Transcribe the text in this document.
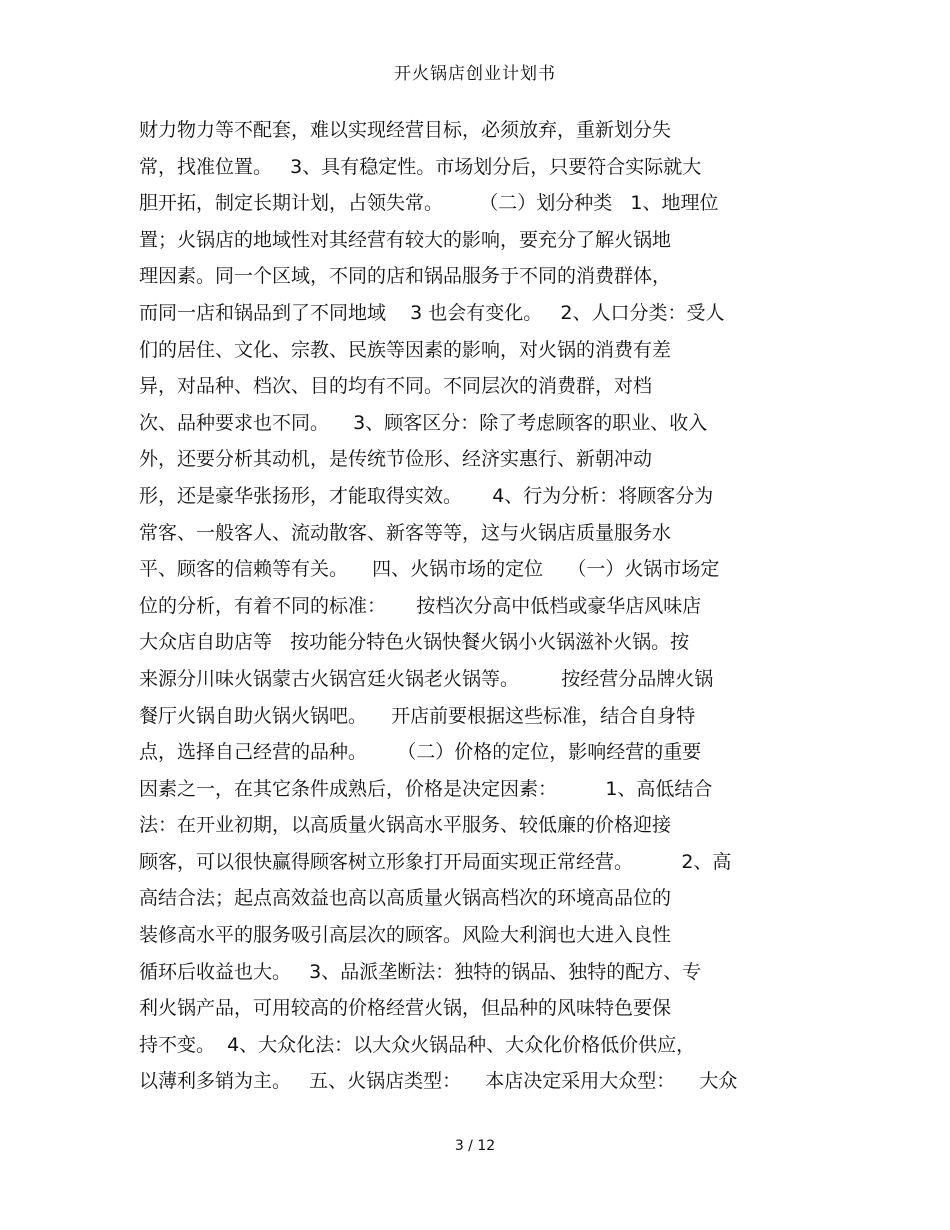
开火锅店创业计划书
财力物力等不配套，难以实现经营目标，必须放弃，重新划分失
常，找准位置。   3、具有稳定性。市场划分后，只要符合实际就大
胆开拓，制定长期计划，占领失常。      （二）划分种类   1、地理位
置；火锅店的地域性对其经营有较大的影响，要充分了解火锅地
理因素。同一个区域，不同的店和锅品服务于不同的消费群体，
而同一店和锅品到了不同地域    3 也会有变化。   2、人口分类：受人
们的居住、文化、宗教、民族等因素的影响，对火锅的消费有差
异，对品种、档次、目的均有不同。不同层次的消费群，对档
次、品种要求也不同。    3、顾客区分：除了考虑顾客的职业、收入
外，还要分析其动机，是传统节俭形、经济实惠行、新朝冲动
形，还是豪华张扬形，才能取得实效。     4、行为分析：将顾客分为
常客、一般客人、流动散客、新客等等，这与火锅店质量服务水
平、顾客的信赖等有关。    四、火锅市场的定位    （一）火锅市场定
位的分析，有着不同的标准：     按档次分高中低档或豪华店风味店
大众店自助店等   按功能分特色火锅快餐火锅小火锅滋补火锅。按
来源分川味火锅蒙古火锅宫廷火锅老火锅等。       按经营分品牌火锅
餐厅火锅自助火锅火锅吧。    开店前要根据这些标准，结合自身特
点，选择自己经营的品种。     （二）价格的定位，影响经营的重要
因素之一，在其它条件成熟后，价格是决定因素：        1、高低结合
法：在开业初期，以高质量火锅高水平服务、较低廉的价格迎接
顾客，可以很快赢得顾客树立形象打开局面实现正常经营。        2、高
高结合法；起点高效益也高以高质量火锅高档次的环境高品位的
装修高水平的服务吸引高层次的顾客。风险大利润也大进入良性
循环后收益也大。   3、品派垄断法：独特的锅品、独特的配方、专
利火锅产品，可用较高的价格经营火锅，但品种的风味特色要保
持不变。  4、大众化法：以大众火锅品种、大众化价格低价供应，
以薄利多销为主。   五、火锅店类型：    本店决定采用大众型：    大众
3 / 12
